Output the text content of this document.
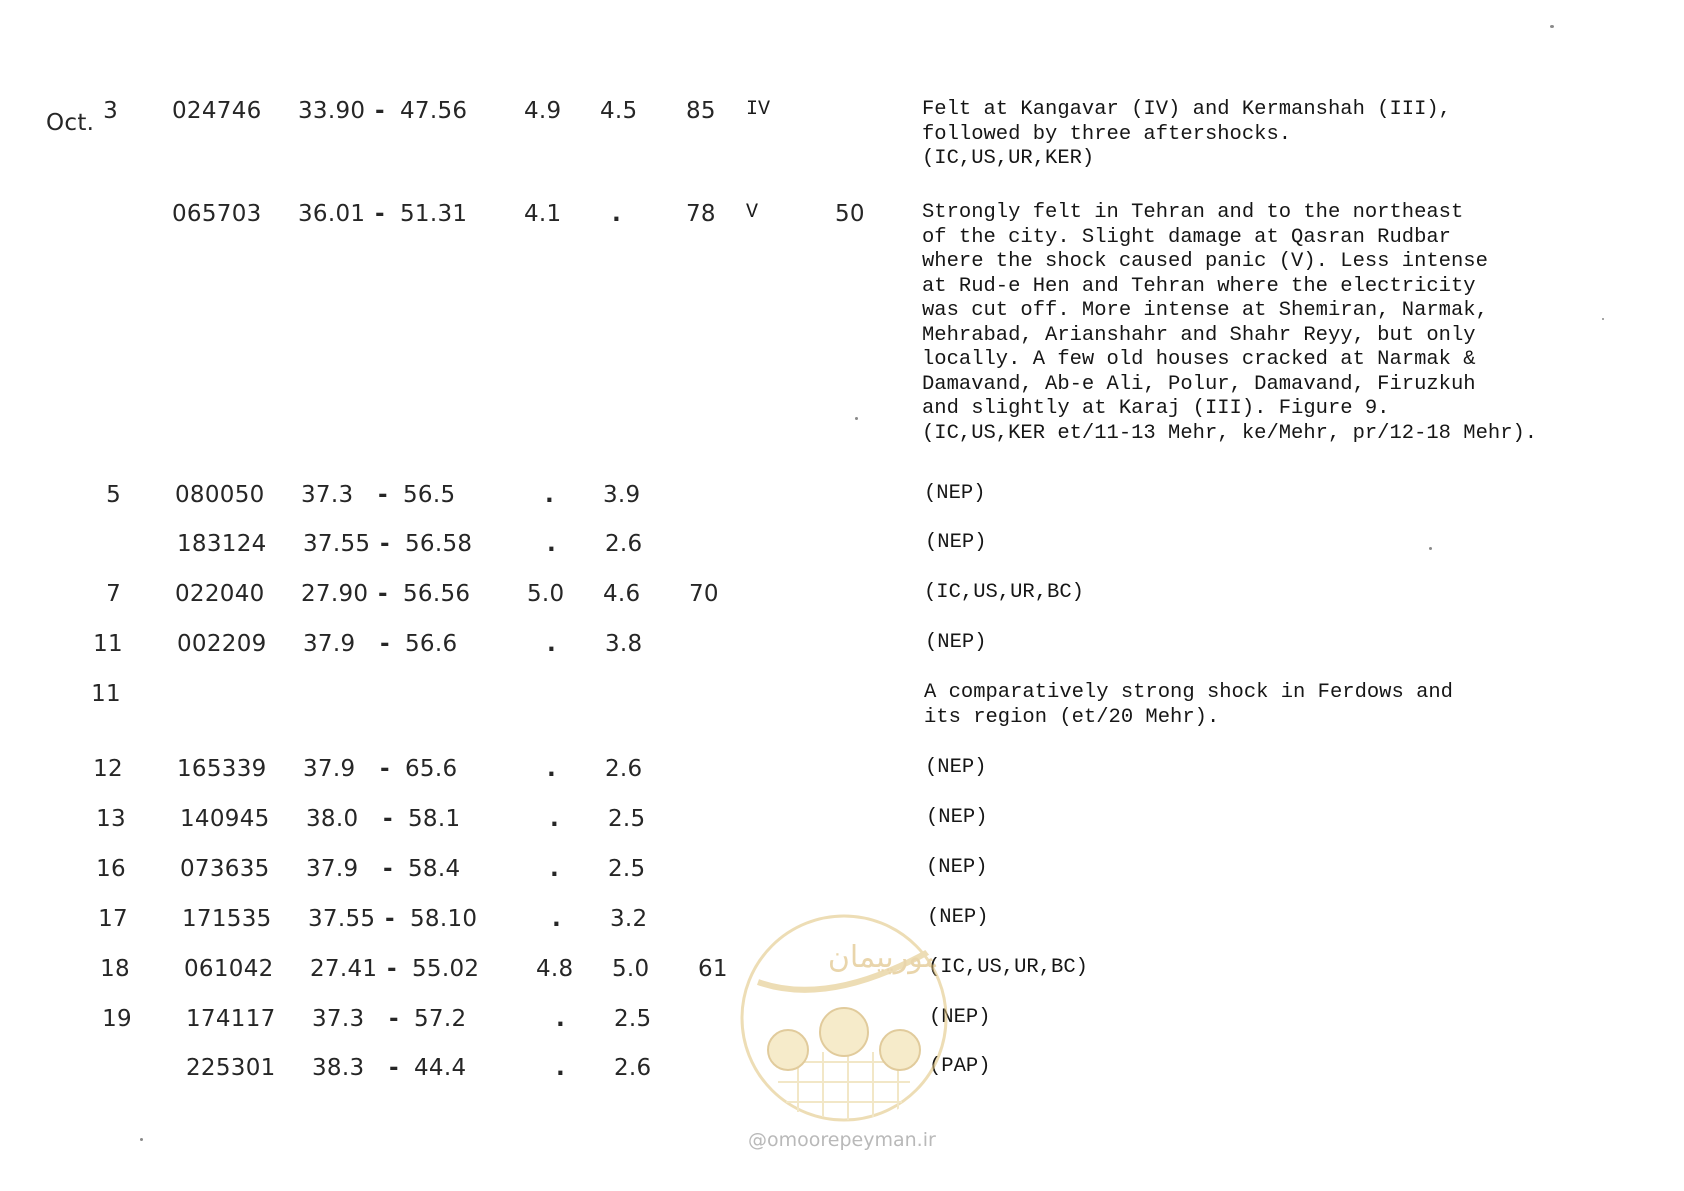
Oct. 3 024746 33.90 - 47.56 4.9 4.5 85 IV	Felt at Kangavar (IV) and Kermanshah (III),
followed by three aftershocks.
(IC,US,UR,KER)
065703 36.01 - 51.31 4.1 .	78 V	50	Strongly felt in Tehran and to the northeast
of the city. Slight damage at Qasran Rudbar
where the shock caused panic (V). Less intense
at Rud-e Hen and Tehran where the electricity
was cut off. More intense at Shemiran, Narmak,
Mehrabad, Arianshahr and Shahr Reyy, but only
locally. A few old houses cracked at Narmak &
Damavand, Ab-e Ali, Polur, Damavand, Firuzkuh
and slightly at Karaj (III). Figure 9.
(IC,US,KER et/11-13 Mehr, ke/Mehr, pr/12-18 Mehr).
5 080050 37.3 - 56.5	. 3.9	(NEP)
183124 37.55 - 56.58	. 2.6	(NEP)
7 022040 27.90 - 56.56 5.0 4.6 70	(IC,US,UR,BC)
11 002209 37.9 - 56.6	. 3.8	(NEP)
11	A comparatively strong shock in Ferdows and
its region (et/20 Mehr).
12 165339 37.9 - 65.6	. 2.6	(NEP)
13 140945 38.0 - 58.1	. 2.5	(NEP)
16 073635 37.9 - 58.4	. 2.5	(NEP)
17 171535 37.55 - 58.10	. 3.2	(NEP)
18 061042 27.41 - 55.02 4.8 5.0 61	(IC,US,UR,BC)
19 174117 37.3 - 57.2	. 2.5	(NEP)
225301 38.3 - 44.4	. 2.6	(PAP)
امورپیمان
@omoorepeyman.ir
